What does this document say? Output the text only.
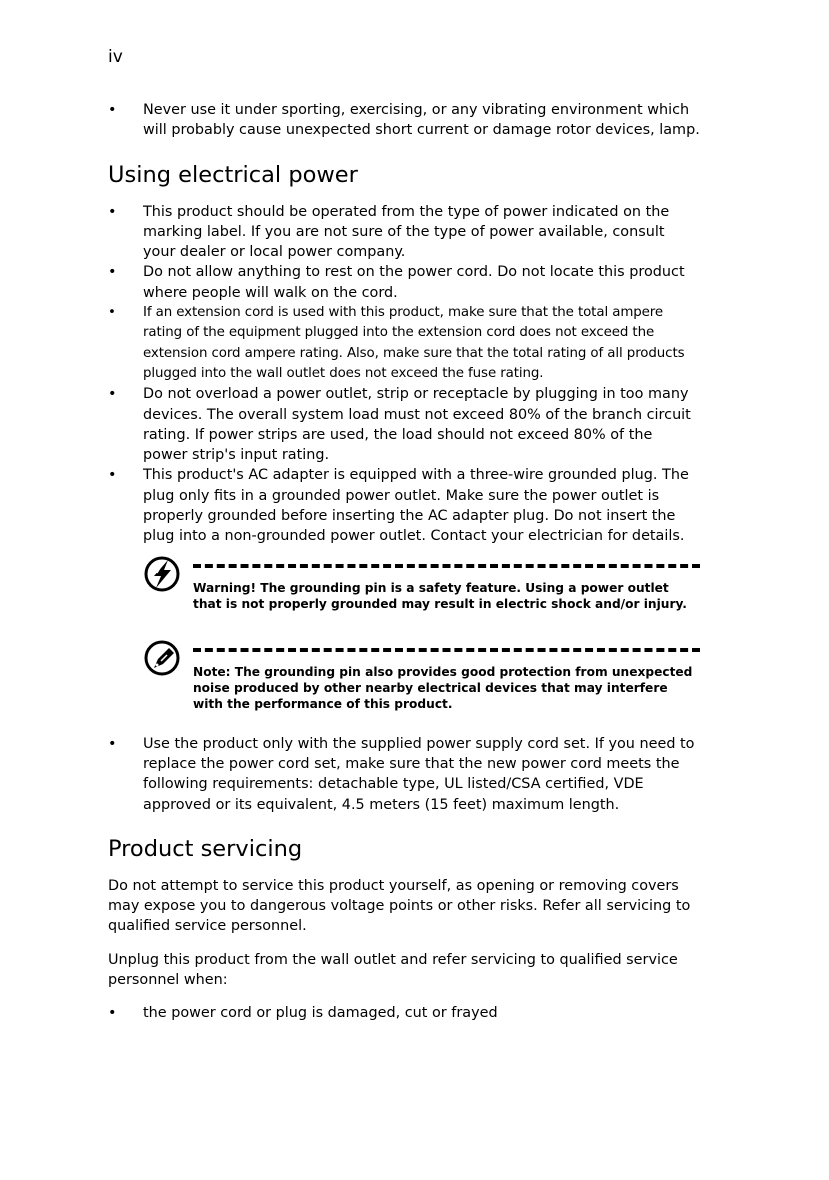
iv
• Never use it under sporting, exercising, or any vibrating environment which will probably cause unexpected short current or damage rotor devices, lamp.
Using electrical power
• This product should be operated from the type of power indicated on the marking label. If you are not sure of the type of power available, consult your dealer or local power company.
• Do not allow anything to rest on the power cord. Do not locate this product where people will walk on the cord.
• If an extension cord is used with this product, make sure that the total ampere rating of the equipment plugged into the extension cord does not exceed the extension cord ampere rating. Also, make sure that the total rating of all products plugged into the wall outlet does not exceed the fuse rating.
• Do not overload a power outlet, strip or receptacle by plugging in too many devices. The overall system load must not exceed 80% of the branch circuit rating. If power strips are used, the load should not exceed 80% of the power strip's input rating.
• This product's AC adapter is equipped with a three-wire grounded plug. The plug only fits in a grounded power outlet. Make sure the power outlet is properly grounded before inserting the AC adapter plug. Do not insert the plug into a non-grounded power outlet. Contact your electrician for details.
Warning! The grounding pin is a safety feature. Using a power outlet that is not properly grounded may result in electric shock and/or injury.
Note: The grounding pin also provides good protection from unexpected noise produced by other nearby electrical devices that may interfere with the performance of this product.
• Use the product only with the supplied power supply cord set. If you need to replace the power cord set, make sure that the new power cord meets the following requirements: detachable type, UL listed/CSA certified, VDE approved or its equivalent, 4.5 meters (15 feet) maximum length.
Product servicing

Do not attempt to service this product yourself, as opening or removing covers may expose you to dangerous voltage points or other risks. Refer all servicing to qualified service personnel.

Unplug this product from the wall outlet and refer servicing to qualified service personnel when:

• the power cord or plug is damaged, cut or frayed
